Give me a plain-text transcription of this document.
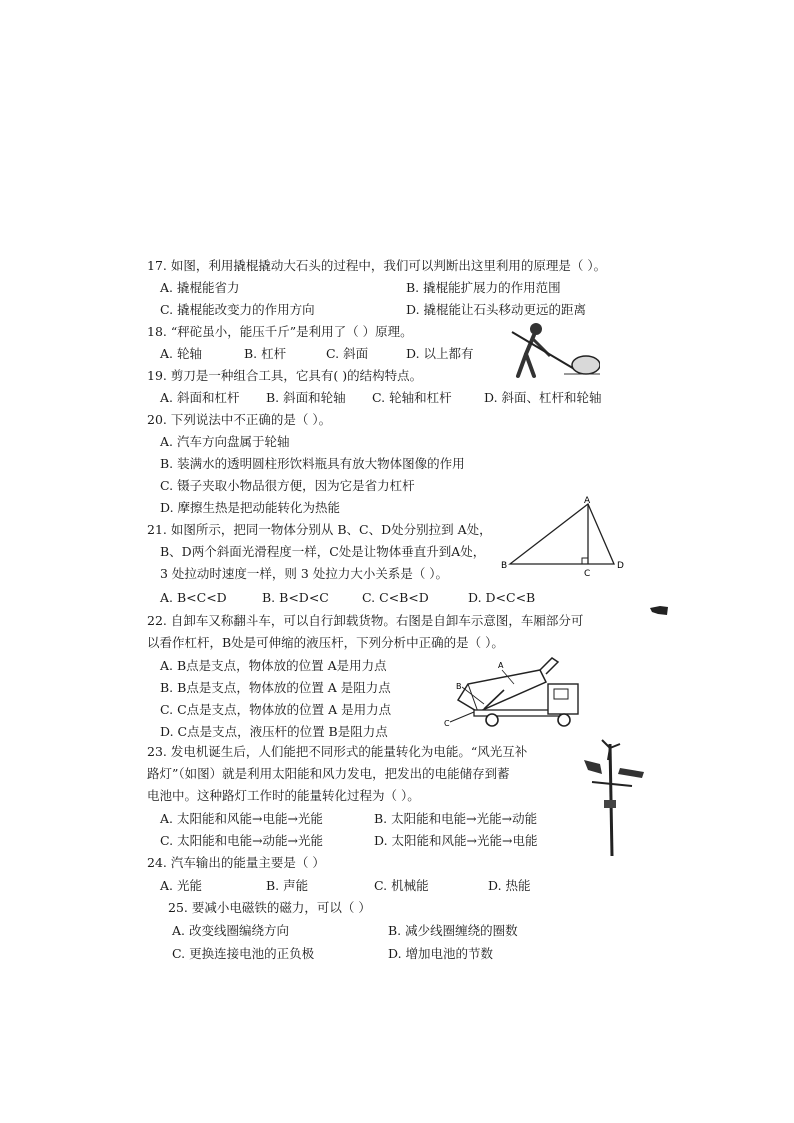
17. 如图，利用撬棍撬动大石头的过程中，我们可以判断出这里利用的原理是（ ）。
A. 撬棍能省力	B. 撬棍能扩展力的作用范围
C. 撬棍能改变力的作用方向	D. 撬棍能让石头移动更远的距离
18. “秤砣虽小，能压千斤”是利用了（ ）原理。
A. 轮轴	B. 杠杆	C. 斜面	D. 以上都有
19. 剪刀是一种组合工具，它具有( )的结构特点。
A. 斜面和杠杆 B. 斜面和轮轴 C. 轮轴和杠杆	D. 斜面、杠杆和轮轴
20. 下列说法中不正确的是（ ）。
A. 汽车方向盘属于轮轴
B. 装满水的透明圆柱形饮料瓶具有放大物体图像的作用
C. 镊子夹取小物品很方便，因为它是省力杠杆
D. 摩擦生热是把动能转化为热能
21. 如图所示，把同一物体分别从 B、C、D处分别拉到 A处，
B、D两个斜面光滑程度一样，C处是让物体垂直升到A处，
3 处拉动时速度一样，则 3 处拉力大小关系是（ ）。
A. B<C<D	B. B<D<C	C. C<B<D	D. D<C<B
A
B
C
D
22. 自卸车又称翻斗车，可以自行卸载货物。右图是自卸车示意图，车厢部分可
以看作杠杆，B处是可伸缩的液压杆，下列分析中正确的是（ ）。
A. B点是支点，物体放的位置 A是用力点
B. B点是支点，物体放的位置 A 是阻力点
C. C点是支点，物体放的位置 A 是用力点
D. C点是支点，液压杆的位置 B是阻力点
A
B
C
23. 发电机诞生后，人们能把不同形式的能量转化为电能。“风光互补
路灯”（如图）就是利用太阳能和风力发电，把发出的电能储存到蓄
电池中。这种路灯工作时的能量转化过程为（ ）。
A. 太阳能和风能→电能→光能	B. 太阳能和电能→光能→动能
C. 太阳能和电能→动能→光能	D. 太阳能和风能→光能→电能
24. 汽车输出的能量主要是（ ）
A. 光能	B. 声能	C. 机械能	D. 热能
25. 要减小电磁铁的磁力，可以（ ）
A. 改变线圈编绕方向	B. 减少线圈缠绕的圈数
C. 更换连接电池的正负极	D. 增加电池的节数
